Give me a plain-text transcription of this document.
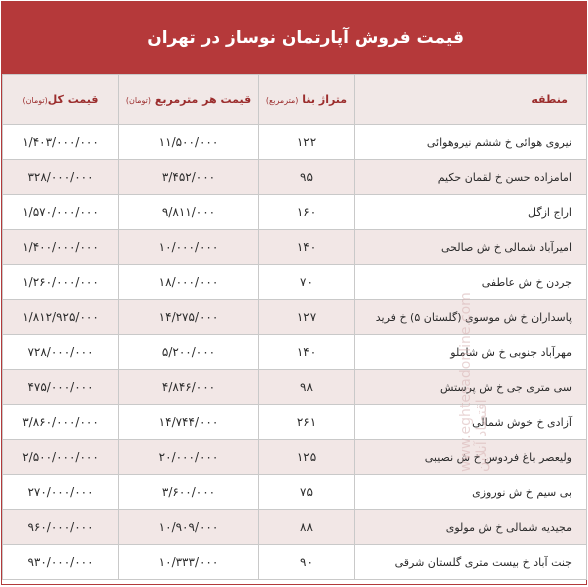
قیمت فروش آپارتمان نوساز در تهران
منطقه	متراژ بنا (مترمربع)	قیمت هر مترمربع (تومان)	قیمت کل(تومان)
نیروی هوائی خ ششم نیروهوائی	۱۲۲	۱۱/۵۰۰/۰۰۰	۱/۴۰۳/۰۰۰/۰۰۰
امامزاده حسن خ لقمان حکیم	۹۵	۳/۴۵۲/۰۰۰	۳۲۸/۰۰۰/۰۰۰
اراج ازگل	۱۶۰	۹/۸۱۱/۰۰۰	۱/۵۷۰/۰۰۰/۰۰۰
امیرآباد شمالی خ ش صالحی	۱۴۰	۱۰/۰۰۰/۰۰۰	۱/۴۰۰/۰۰۰/۰۰۰
جردن خ ش عاطفی	۷۰	۱۸/۰۰۰/۰۰۰	۱/۲۶۰/۰۰۰/۰۰۰
پاسداران خ ش موسوی (گلستان ۵) خ فرید	۱۲۷	۱۴/۲۷۵/۰۰۰	۱/۸۱۲/۹۲۵/۰۰۰
مهرآباد جنوبی خ ش شاملو	۱۴۰	۵/۲۰۰/۰۰۰	۷۲۸/۰۰۰/۰۰۰
سی متری جی خ ش پرستش	۹۸	۴/۸۴۶/۰۰۰	۴۷۵/۰۰۰/۰۰۰
آزادی خ خوش شمالی	۲۶۱	۱۴/۷۴۴/۰۰۰	۳/۸۶۰/۰۰۰/۰۰۰
ولیعصر باغ فردوس خ ش نصیبی	۱۲۵	۲۰/۰۰۰/۰۰۰	۲/۵۰۰/۰۰۰/۰۰۰
بی سیم خ ش نوروزی	۷۵	۳/۶۰۰/۰۰۰	۲۷۰/۰۰۰/۰۰۰
مجیدیه شمالی خ ش مولوی	۸۸	۱۰/۹۰۹/۰۰۰	۹۶۰/۰۰۰/۰۰۰
جنت آباد خ بیست متری گلستان شرقی	۹۰	۱۰/۳۳۳/۰۰۰	۹۳۰/۰۰۰/۰۰۰
www.eghtesadonline.com اقتصاد آنلاین
